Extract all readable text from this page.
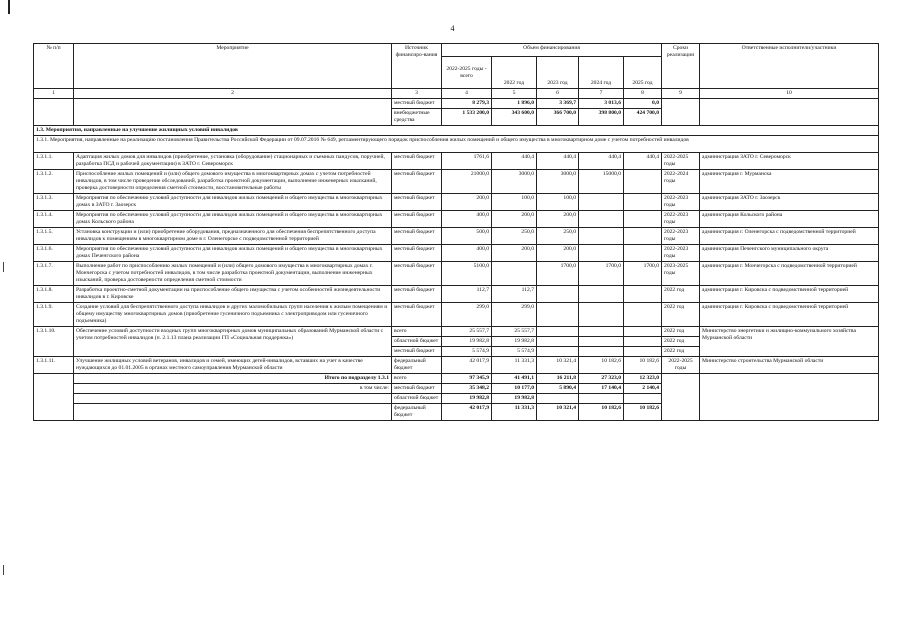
4
№ п/п	Мероприятие	Источник финансиро-вания	Объем финансирования					Сроки реализации	Ответственные исполнители/участники
			2022-2025 годы - всего	2022 год	2023 год	2024 год	2025 год		
1	2	3	4	5	6	7	8	9	10
		местный бюджет	8 279,3	1 896,0	3 369,7	3 013,6	0,0		
		внебюджетные средства	1 533 200,0	343 600,0	366 700,0	398 800,0	424 700,0		
1.3. Мероприятия, направленные на улучшение жилищных условий инвалидов									
1.3.1. Мероприятия, направленные на реализацию постановления Правительства Российской Федерации от 09.07.2016 № 649, регламентирующего порядок приспособления жилых помещений и общего имущества в многоквартирном доме с учетом потребностей инвалидов									
1.3.1.1.	Адаптация жилых домов для инвалидов (приобретение, установка (оборудование) стационарных и съемных пандусов, поручней, разработка ПСД и рабочей документации) в ЗАТО г. Североморск	местный бюджет	1761,6	440,4	440,4	440,4	440,4	2022-2025 годы	администрация ЗАТО г. Североморск
1.3.1.2.	Приспособление жилых помещений и (или) общего домового имущества в многоквартирных домах с учетом потребностей инвалидов, в том числе проведение обследований, разработка проектной документации, выполнение инженерных изысканий, проверка достоверности определения сметной стоимости, восстановительные работы	местный бюджет	21000,0	3000,0	3000,0	15000,0		2022-2024 годы	администрация г. Мурманска
1.3.1.3.	Мероприятия по обеспечению условий доступности для инвалидов жилых помещений и общего имущества в многоквартирных домах в ЗАТО г. Заозерск	местный бюджет	200,0	100,0	100,0			2022-2023 годы	администрация ЗАТО г. Заозерск
1.3.1.4.	Мероприятия по обеспечению условий доступности для инвалидов жилых помещений и общего имущества в многоквартирных домах Кольского района	местный бюджет	400,0	200,0	200,0			2022-2023 годы	администрация Кольского района
1.3.1.5.	Установка конструкции и (или) приобретение оборудования, предназначенного для обеспечения беспрепятственного доступа инвалидов к помещениям в многоквартирном доме в г. Оленегорске с подведомственной территорией	местный бюджет	500,0	250,0	250,0			2022-2023 годы	администрация г. Оленегорска с подведомственной территорией
1.3.1.6.	Мероприятия по обеспечению условий доступности для инвалидов жилых помещений и общего имущества в многоквартирных домах Печенгского района	местный бюджет	400,0	200,0	200,0			2022-2023 годы	администрация Печенгского муниципального округа
1.3.1.7.	Выполнение работ по приспособлению жилых помещений и (или) общего домового имущества в многоквартирных домах г. Мончегорска с учетом потребностей инвалидов, в том числе разработка проектной документации, выполнение инженерных изысканий, проверка достоверности определения сметной стоимости	местный бюджет	5100,0		1700,0	1700,0	1700,0	2023-2025 годы	администрация г. Мончегорска с подведомственной территорией
1.3.1.8.	Разработка проектно-сметной документации на приспособление общего имущества с учетом особенностей жизнедеятельности инвалидов в г. Кировске	местный бюджет	112,7	112,7				2022 год	администрация г. Кировска с подведомственной территорией
1.3.1.9.	Создание условий для беспрепятственного доступа инвалидов и других маломобильных групп населения к жилым помещениям и общему имуществу многоквартирных домов (приобретение гусеничного подъемника с электроприводом или гусеничного подъемника)	местный бюджет	299,0	299,0				2022 год	администрация г. Кировска с подведомственной территорией
1.3.1.10.	Обеспечение условий доступности входных групп многоквартирных домов муниципальных образований Мурманской области с учетом потребностей инвалидов (п. 2.1.13 плана реализации ГП «Социальная поддержка»)	всего	25 557,7	25 557,7				2022 год	Министерство энергетики и жилищно-коммунального хозяйства Мурманской области
		областной бюджет	19 982,8	19 982,8				2022 год	
		местный бюджет	5 574,9	5 574,9				2022 год	
1.3.1.11.	Улучшение жилищных условий ветеранов, инвалидов и семей, имеющих детей-инвалидов, вставших на учет в качестве нуждающихся до 01.01.2005 в органах местного самоуправления Мурманской области	федеральный бюджет	42 017,9	11 331,3	10 321,4	10 182,6	10 182,6	2022-2025 годы	Министерство строительства Мурманской области
	Итого по подразделу 1.3.1	всего	97 345,9	41 491,1	16 211,8	27 323,0	12 323,0		
	в том числе:	местный бюджет	35 348,2	10 177,0	5 890,4	17 140,4	2 140,4		
		областной бюджет	19 982,8	19 982,8					
		федеральный бюджет	42 017,9	11 331,3	10 321,4	10 182,6	10 182,6		
